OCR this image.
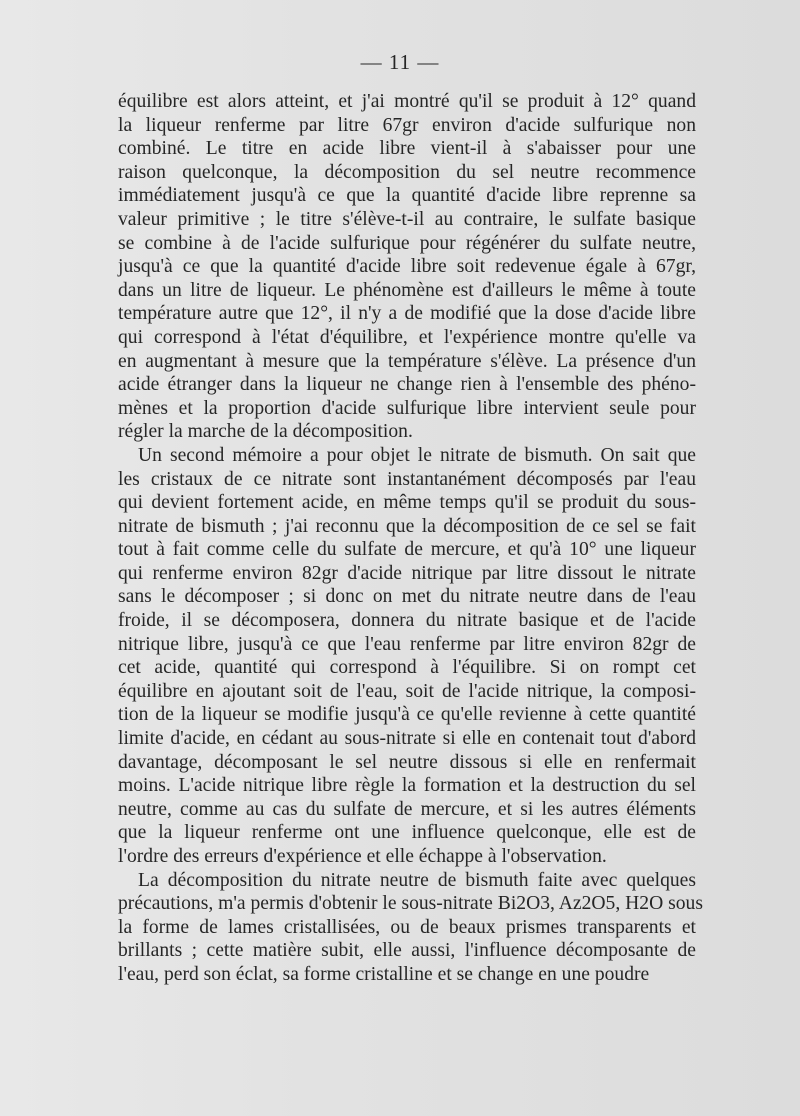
— 11 —
équilibre est alors atteint, et j'ai montré qu'il se produit à 12° quand
la liqueur renferme par litre 67gr environ d'acide sulfurique non
combiné. Le titre en acide libre vient-il à s'abaisser pour une
raison quelconque, la décomposition du sel neutre recommence
immédiatement jusqu'à ce que la quantité d'acide libre reprenne sa
valeur primitive ; le titre s'élève-t-il au contraire, le sulfate basique
se combine à de l'acide sulfurique pour régénérer du sulfate neutre,
jusqu'à ce que la quantité d'acide libre soit redevenue égale à 67gr,
dans un litre de liqueur. Le phénomène est d'ailleurs le même à toute
température autre que 12°, il n'y a de modifié que la dose d'acide libre
qui correspond à l'état d'équilibre, et l'expérience montre qu'elle va
en augmentant à mesure que la température s'élève. La présence d'un
acide étranger dans la liqueur ne change rien à l'ensemble des phéno-
mènes et la proportion d'acide sulfurique libre intervient seule pour
régler la marche de la décomposition.
Un second mémoire a pour objet le nitrate de bismuth. On sait que
les cristaux de ce nitrate sont instantanément décomposés par l'eau
qui devient fortement acide, en même temps qu'il se produit du sous-
nitrate de bismuth ; j'ai reconnu que la décomposition de ce sel se fait
tout à fait comme celle du sulfate de mercure, et qu'à 10° une liqueur
qui renferme environ 82gr d'acide nitrique par litre dissout le nitrate
sans le décomposer ; si donc on met du nitrate neutre dans de l'eau
froide, il se décomposera, donnera du nitrate basique et de l'acide
nitrique libre, jusqu'à ce que l'eau renferme par litre environ 82gr de
cet acide, quantité qui correspond à l'équilibre. Si on rompt cet
équilibre en ajoutant soit de l'eau, soit de l'acide nitrique, la composi-
tion de la liqueur se modifie jusqu'à ce qu'elle revienne à cette quantité
limite d'acide, en cédant au sous-nitrate si elle en contenait tout d'abord
davantage, décomposant le sel neutre dissous si elle en renfermait
moins. L'acide nitrique libre règle la formation et la destruction du sel
neutre, comme au cas du sulfate de mercure, et si les autres éléments
que la liqueur renferme ont une influence quelconque, elle est de
l'ordre des erreurs d'expérience et elle échappe à l'observation.
La décomposition du nitrate neutre de bismuth faite avec quelques
précautions, m'a permis d'obtenir le sous-nitrate Bi2O3, Az2O5, H2O sous
la forme de lames cristallisées, ou de beaux prismes transparents et
brillants ; cette matière subit, elle aussi, l'influence décomposante de
l'eau, perd son éclat, sa forme cristalline et se change en une poudre
